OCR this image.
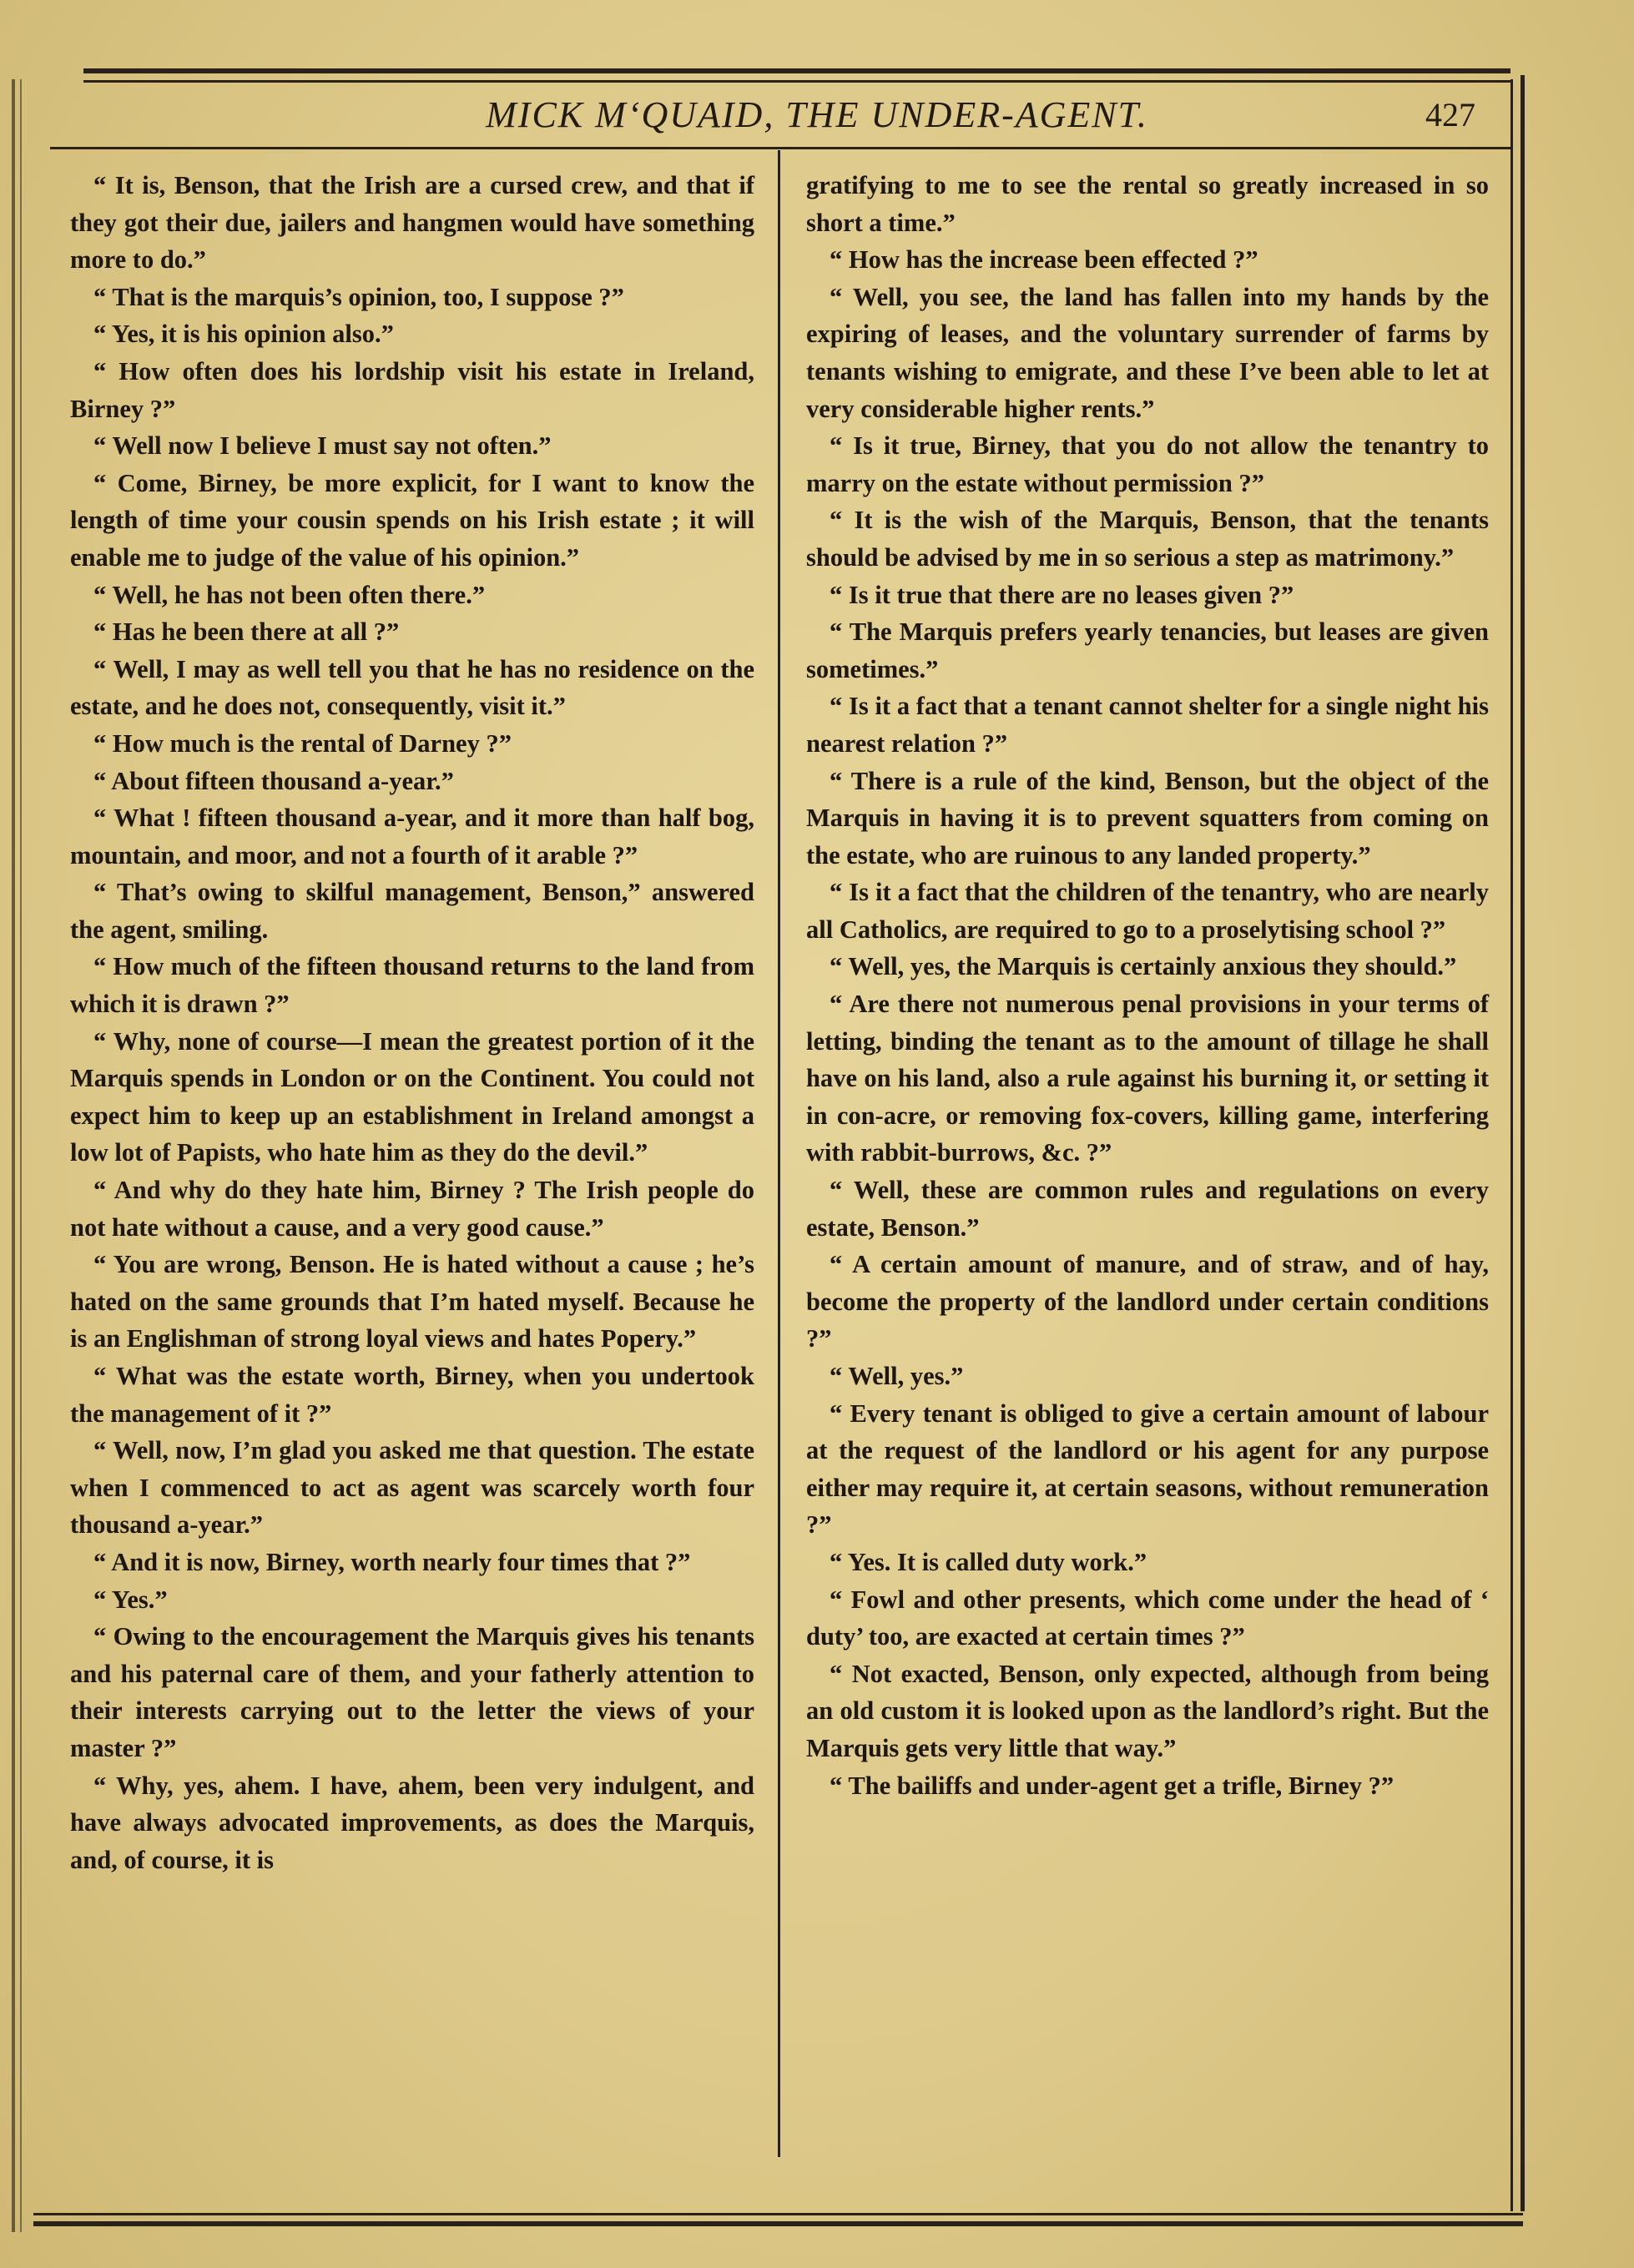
MICK M‘QUAID, THE UNDER-AGENT.	427

“ It is, Benson, that the Irish are a cursed crew, and that if they got their due, jailers and hangmen would have something more to do.”

“ That is the marquis’s opinion, too, I suppose ?”

“ Yes, it is his opinion also.”

“ How often does his lordship visit his estate in Ireland, Birney ?”

“ Well now I believe I must say not often.”

“ Come, Birney, be more explicit, for I want to know the length of time your cousin spends on his Irish estate ; it will enable me to judge of the value of his opinion.”

“ Well, he has not been often there.”

“ Has he been there at all ?”

“ Well, I may as well tell you that he has no residence on the estate, and he does not, consequently, visit it.”

“ How much is the rental of Darney ?”

“ About fifteen thousand a-year.”

“ What ! fifteen thousand a-year, and it more than half bog, mountain, and moor, and not a fourth of it arable ?”

“ That’s owing to skilful management, Benson,” answered the agent, smiling.

“ How much of the fifteen thousand returns to the land from which it is drawn ?”

“ Why, none of course—I mean the greatest portion of it the Marquis spends in London or on the Continent. You could not expect him to keep up an establishment in Ireland amongst a low lot of Papists, who hate him as they do the devil.”

“ And why do they hate him, Birney ? The Irish people do not hate without a cause, and a very good cause.”

“ You are wrong, Benson. He is hated without a cause ; he’s hated on the same grounds that I’m hated myself. Because he is an Englishman of strong loyal views and hates Popery.”

“ What was the estate worth, Birney, when you undertook the management of it ?”

“ Well, now, I’m glad you asked me that question. The estate when I commenced to act as agent was scarcely worth four thousand a-year.”

“ And it is now, Birney, worth nearly four times that ?”

“ Yes.”

“ Owing to the encouragement the Marquis gives his tenants and his paternal care of them, and your fatherly attention to their interests carrying out to the letter the views of your master ?”

“ Why, yes, ahem. I have, ahem, been very indulgent, and have always advocated improvements, as does the Marquis, and, of course, it is

gratifying to me to see the rental so greatly increased in so short a time.”

“ How has the increase been effected ?”

“ Well, you see, the land has fallen into my hands by the expiring of leases, and the voluntary surrender of farms by tenants wishing to emigrate, and these I’ve been able to let at very considerable higher rents.”

“ Is it true, Birney, that you do not allow the tenantry to marry on the estate without permission ?”

“ It is the wish of the Marquis, Benson, that the tenants should be advised by me in so serious a step as matrimony.”

“ Is it true that there are no leases given ?”

“ The Marquis prefers yearly tenancies, but leases are given sometimes.”

“ Is it a fact that a tenant cannot shelter for a single night his nearest relation ?”

“ There is a rule of the kind, Benson, but the object of the Marquis in having it is to prevent squatters from coming on the estate, who are ruinous to any landed property.”

“ Is it a fact that the children of the tenantry, who are nearly all Catholics, are required to go to a proselytising school ?”

“ Well, yes, the Marquis is certainly anxious they should.”

“ Are there not numerous penal provisions in your terms of letting, binding the tenant as to the amount of tillage he shall have on his land, also a rule against his burning it, or setting it in con-acre, or removing fox-covers, killing game, interfering with rabbit-burrows, &c. ?”

“ Well, these are common rules and regulations on every estate, Benson.”

“ A certain amount of manure, and of straw, and of hay, become the property of the landlord under certain conditions ?”

“ Well, yes.”

“ Every tenant is obliged to give a certain amount of labour at the request of the landlord or his agent for any purpose either may require it, at certain seasons, without remuneration ?”

“ Yes. It is called duty work.”

“ Fowl and other presents, which come under the head of ‘ duty’ too, are exacted at certain times ?”

“ Not exacted, Benson, only expected, although from being an old custom it is looked upon as the landlord’s right. But the Marquis gets very little that way.”

“ The bailiffs and under-agent get a trifle, Birney ?”
